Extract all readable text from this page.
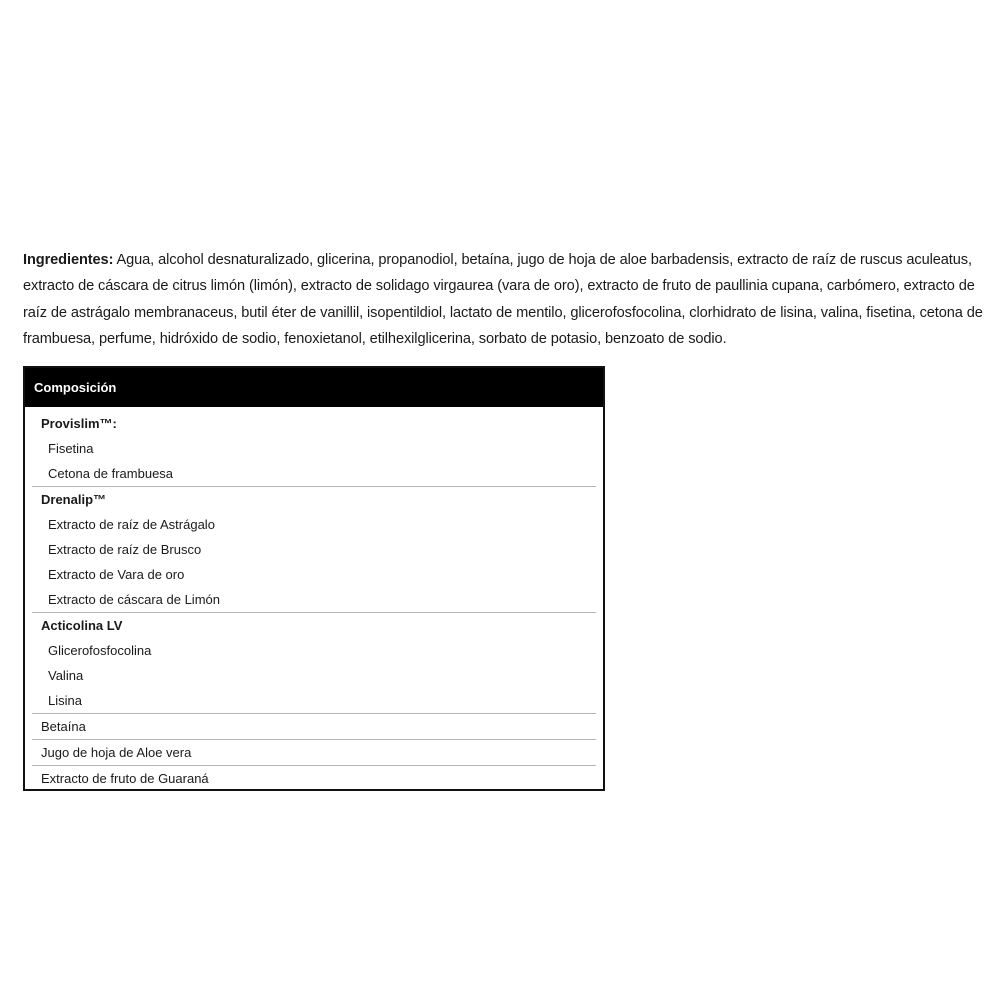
Ingredientes: Agua, alcohol desnaturalizado, glicerina, propanodiol, betaína, jugo de hoja de aloe barbadensis, extracto de raíz de ruscus aculeatus, extracto de cáscara de citrus limón (limón), extracto de solidago virgaurea (vara de oro), extracto de fruto de paullinia cupana, carbómero, extracto de raíz de astrágalo membranaceus, butil éter de vanillil, isopentildiol, lactato de mentilo, glicerofosfocolina, clorhidrato de lisina, valina, fisetina, cetona de frambuesa, perfume, hidróxido de sodio, fenoxietanol, etilhexilglicerina, sorbato de potasio, benzoato de sodio.

Composición
Provislim™:
Fisetina
Cetona de frambuesa
Drenalip™
Extracto de raíz de Astrágalo
Extracto de raíz de Brusco
Extracto de Vara de oro
Extracto de cáscara de Limón
Acticolina LV
Glicerofosfocolina
Valina
Lisina
Betaína
Jugo de hoja de Aloe vera
Extracto de fruto de Guaraná
